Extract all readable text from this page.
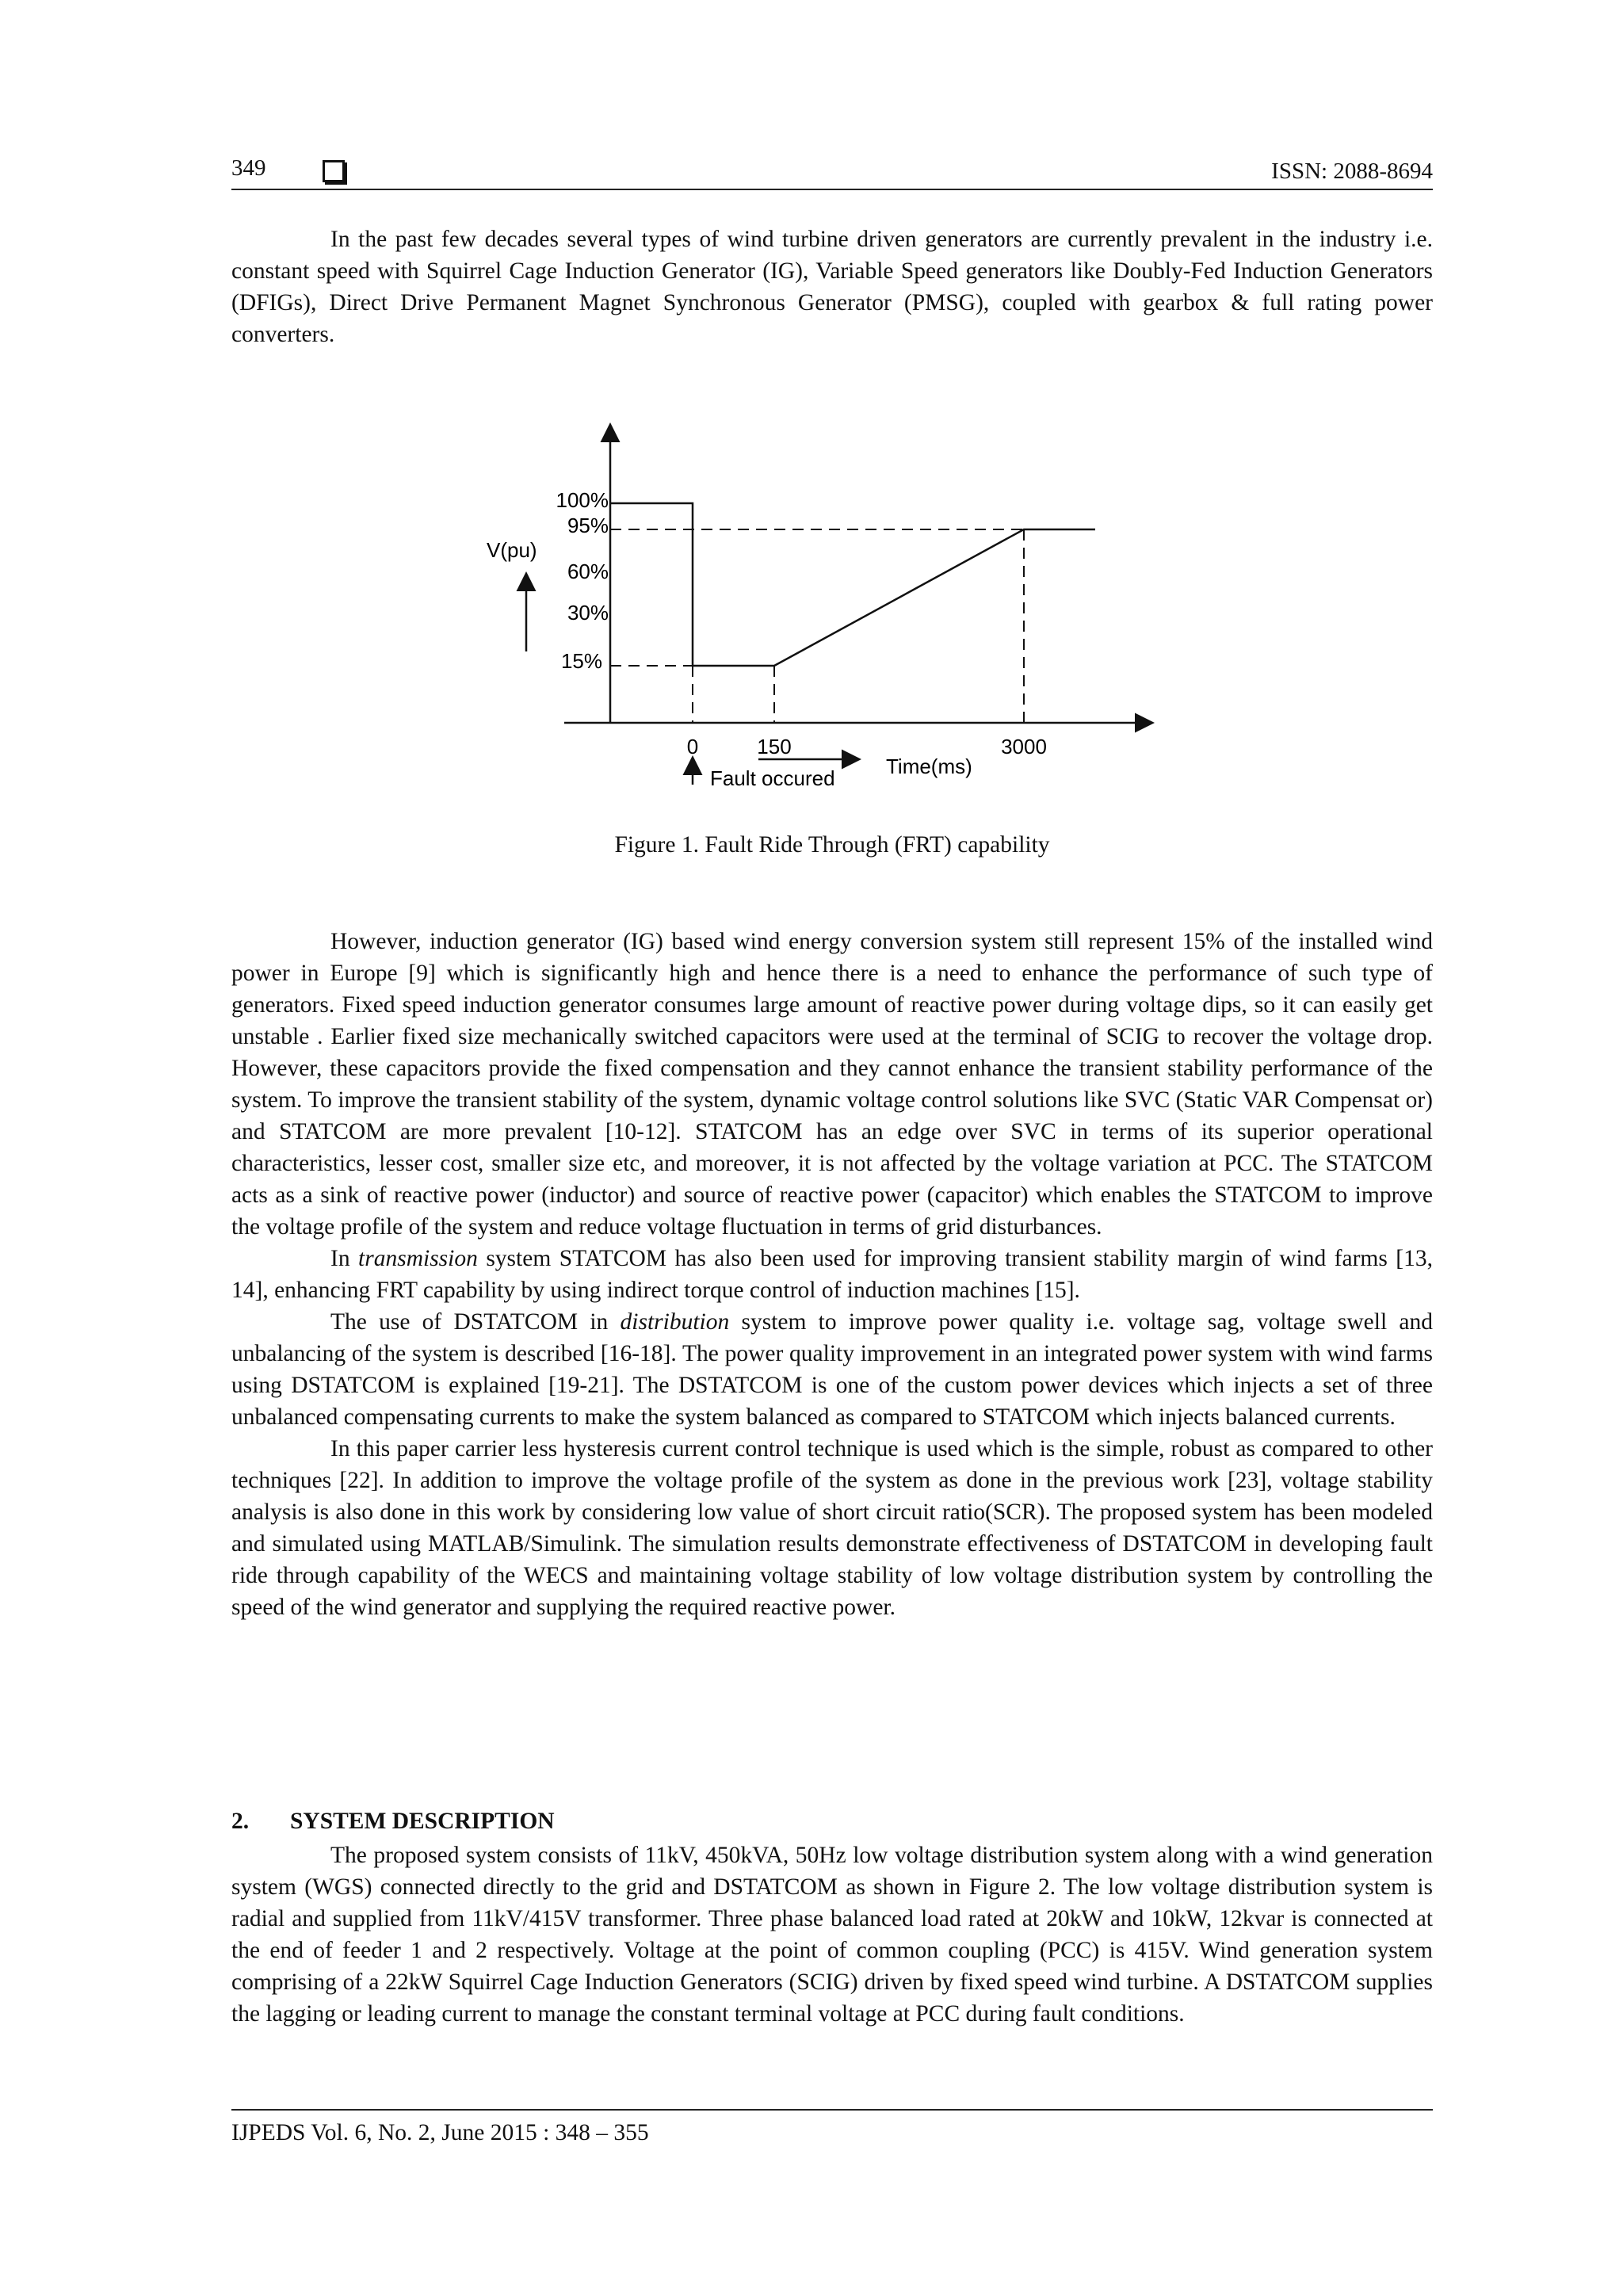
349	ISSN: 2088-8694

In the past few decades several types of wind turbine driven generators are currently prevalent in the industry i.e. constant speed with Squirrel Cage Induction Generator (IG), Variable Speed generators like Doubly-Fed Induction Generators (DFIGs), Direct Drive Permanent Magnet Synchronous Generator (PMSG), coupled with gearbox & full rating power converters.

100%
95%
60%
30%
15%
V(pu)
0	150	3000
Time(ms)
Fault occured
Figure 1. Fault Ride Through (FRT) capability

However, induction generator (IG) based wind energy conversion system still represent 15% of the installed wind power in Europe [9] which is significantly high and hence there is a need to enhance the performance of such type of generators. Fixed speed induction generator consumes large amount of reactive power during voltage dips, so it can easily get unstable . Earlier fixed size mechanically switched capacitors were used at the terminal of SCIG to recover the voltage drop. However, these capacitors provide the fixed compensation and they cannot enhance the transient stability performance of the system. To improve the transient stability of the system, dynamic voltage control solutions like SVC (Static VAR Compensat or) and STATCOM are more prevalent [10-12]. STATCOM has an edge over SVC in terms of its superior operational characteristics, lesser cost, smaller size etc, and moreover, it is not affected by the voltage variation at PCC. The STATCOM acts as a sink of reactive power (inductor) and source of reactive power (capacitor) which enables the STATCOM to improve the voltage profile of the system and reduce voltage fluctuation in terms of grid disturbances.

In transmission system STATCOM has also been used for improving transient stability margin of wind farms [13, 14], enhancing FRT capability by using indirect torque control of induction machines [15].

The use of DSTATCOM in distribution system to improve power quality i.e. voltage sag, voltage swell and unbalancing of the system is described [16-18]. The power quality improvement in an integrated power system with wind farms using DSTATCOM is explained [19-21]. The DSTATCOM is one of the custom power devices which injects a set of three unbalanced compensating currents to make the system balanced as compared to STATCOM which injects balanced currents.

In this paper carrier less hysteresis current control technique is used which is the simple, robust as compared to other techniques [22]. In addition to improve the voltage profile of the system as done in the previous work [23], voltage stability analysis is also done in this work by considering low value of short circuit ratio(SCR). The proposed system has been modeled and simulated using MATLAB/Simulink. The simulation results demonstrate effectiveness of DSTATCOM in developing fault ride through capability of the WECS and maintaining voltage stability of low voltage distribution system by controlling the speed of the wind generator and supplying the required reactive power.

2. SYSTEM DESCRIPTION

The proposed system consists of 11kV, 450kVA, 50Hz low voltage distribution system along with a wind generation system (WGS) connected directly to the grid and DSTATCOM as shown in Figure 2. The low voltage distribution system is radial and supplied from 11kV/415V transformer. Three phase balanced load rated at 20kW and 10kW, 12kvar is connected at the end of feeder 1 and 2 respectively. Voltage at the point of common coupling (PCC) is 415V. Wind generation system comprising of a 22kW Squirrel Cage Induction Generators (SCIG) driven by fixed speed wind turbine. A DSTATCOM supplies the lagging or leading current to manage the constant terminal voltage at PCC during fault conditions.

IJPEDS Vol. 6, No. 2, June 2015 : 348 – 355
